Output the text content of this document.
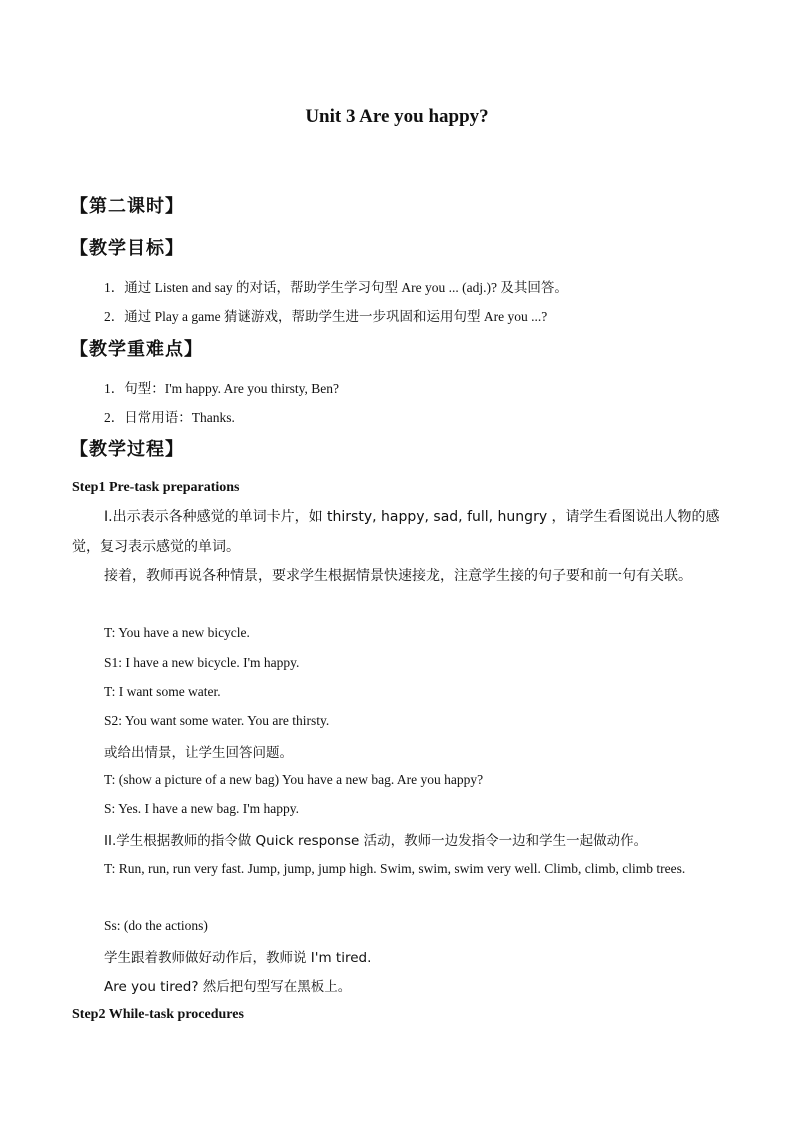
Unit 3 Are you happy?
【第二课时】
【教学目标】
1．通过 Listen and say 的对话，帮助学生学习句型 Are you ... (adj.)? 及其回答。
2．通过 Play a game 猜谜游戏，帮助学生进一步巩固和运用句型 Are you ...?
【教学重难点】
1．句型：I'm happy. Are you thirsty, Ben?
2．日常用语：Thanks.
【教学过程】
Step1 Pre-task preparations
I.出示表示各种感觉的单词卡片，如 thirsty, happy, sad, full, hungry ，请学生看图说出人物的感觉，复习表示感觉的单词。
接着，教师再说各种情景，要求学生根据情景快速接龙，注意学生接的句子要和前一句有关联。
T: You have a new bicycle.
S1: I have a new bicycle. I'm happy.
T: I want some water.
S2: You want some water. You are thirsty.
或给出情景，让学生回答问题。
T: (show a picture of a new bag) You have a new bag. Are you happy?
S: Yes. I have a new bag. I'm happy.
II.学生根据教师的指令做 Quick response 活动，教师一边发指令一边和学生一起做动作。
T: Run, run, run very fast. Jump, jump, jump high. Swim, swim, swim very well. Climb, climb, climb trees.
Ss: (do the actions)
学生跟着教师做好动作后，教师说 I'm tired.
Are you tired? 然后把句型写在黑板上。
Step2 While-task procedures
